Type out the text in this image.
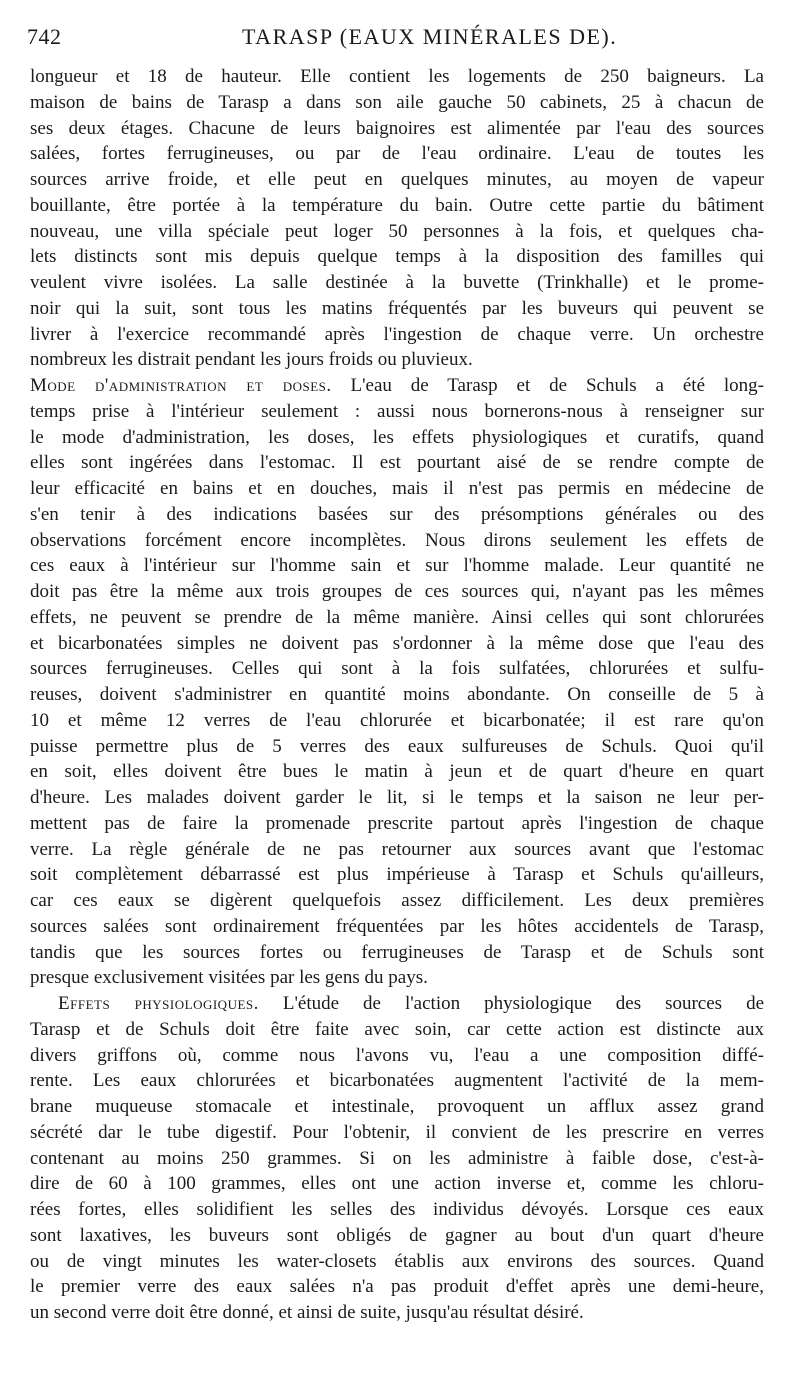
742	TARASP (EAUX MINÉRALES DE).
longueur et 18 de hauteur. Elle contient les logements de 250 baigneurs. La
maison de bains de Tarasp a dans son aile gauche 50 cabinets, 25 à chacun de
ses deux étages. Chacune de leurs baignoires est alimentée par l'eau des sources
salées, fortes ferrugineuses, ou par de l'eau ordinaire. L'eau de toutes les
sources arrive froide, et elle peut en quelques minutes, au moyen de vapeur
bouillante, être portée à la température du bain. Outre cette partie du bâtiment
nouveau, une villa spéciale peut loger 50 personnes à la fois, et quelques cha-
lets distincts sont mis depuis quelque temps à la disposition des familles qui
veulent vivre isolées. La salle destinée à la buvette (Trinkhalle) et le prome-
noir qui la suit, sont tous les matins fréquentés par les buveurs qui peuvent se
livrer à l'exercice recommandé après l'ingestion de chaque verre. Un orchestre
nombreux les distrait pendant les jours froids ou pluvieux.
Mode d'administration et doses. L'eau de Tarasp et de Schuls a été long-
temps prise à l'intérieur seulement : aussi nous bornerons-nous à renseigner sur
le mode d'administration, les doses, les effets physiologiques et curatifs, quand
elles sont ingérées dans l'estomac. Il est pourtant aisé de se rendre compte de
leur efficacité en bains et en douches, mais il n'est pas permis en médecine de
s'en tenir à des indications basées sur des présomptions générales ou des
observations forcément encore incomplètes. Nous dirons seulement les effets de
ces eaux à l'intérieur sur l'homme sain et sur l'homme malade. Leur quantité ne
doit pas être la même aux trois groupes de ces sources qui, n'ayant pas les mêmes
effets, ne peuvent se prendre de la même manière. Ainsi celles qui sont chlorurées
et bicarbonatées simples ne doivent pas s'ordonner à la même dose que l'eau des
sources ferrugineuses. Celles qui sont à la fois sulfatées, chlorurées et sulfu-
reuses, doivent s'administrer en quantité moins abondante. On conseille de 5 à
10 et même 12 verres de l'eau chlorurée et bicarbonatée; il est rare qu'on
puisse permettre plus de 5 verres des eaux sulfureuses de Schuls. Quoi qu'il
en soit, elles doivent être bues le matin à jeun et de quart d'heure en quart
d'heure. Les malades doivent garder le lit, si le temps et la saison ne leur per-
mettent pas de faire la promenade prescrite partout après l'ingestion de chaque
verre. La règle générale de ne pas retourner aux sources avant que l'estomac
soit complètement débarrassé est plus impérieuse à Tarasp et Schuls qu'ailleurs,
car ces eaux se digèrent quelquefois assez difficilement. Les deux premières
sources salées sont ordinairement fréquentées par les hôtes accidentels de Tarasp,
tandis que les sources fortes ou ferrugineuses de Tarasp et de Schuls sont
presque exclusivement visitées par les gens du pays.
Effets physiologiques. L'étude de l'action physiologique des sources de
Tarasp et de Schuls doit être faite avec soin, car cette action est distincte aux
divers griffons où, comme nous l'avons vu, l'eau a une composition diffé-
rente. Les eaux chlorurées et bicarbonatées augmentent l'activité de la mem-
brane muqueuse stomacale et intestinale, provoquent un afflux assez grand
sécrété dar le tube digestif. Pour l'obtenir, il convient de les prescrire en verres
contenant au moins 250 grammes. Si on les administre à faible dose, c'est-à-
dire de 60 à 100 grammes, elles ont une action inverse et, comme les chloru-
rées fortes, elles solidifient les selles des individus dévoyés. Lorsque ces eaux
sont laxatives, les buveurs sont obligés de gagner au bout d'un quart d'heure
ou de vingt minutes les water-closets établis aux environs des sources. Quand
le premier verre des eaux salées n'a pas produit d'effet après une demi-heure,
un second verre doit être donné, et ainsi de suite, jusqu'au résultat désiré.
